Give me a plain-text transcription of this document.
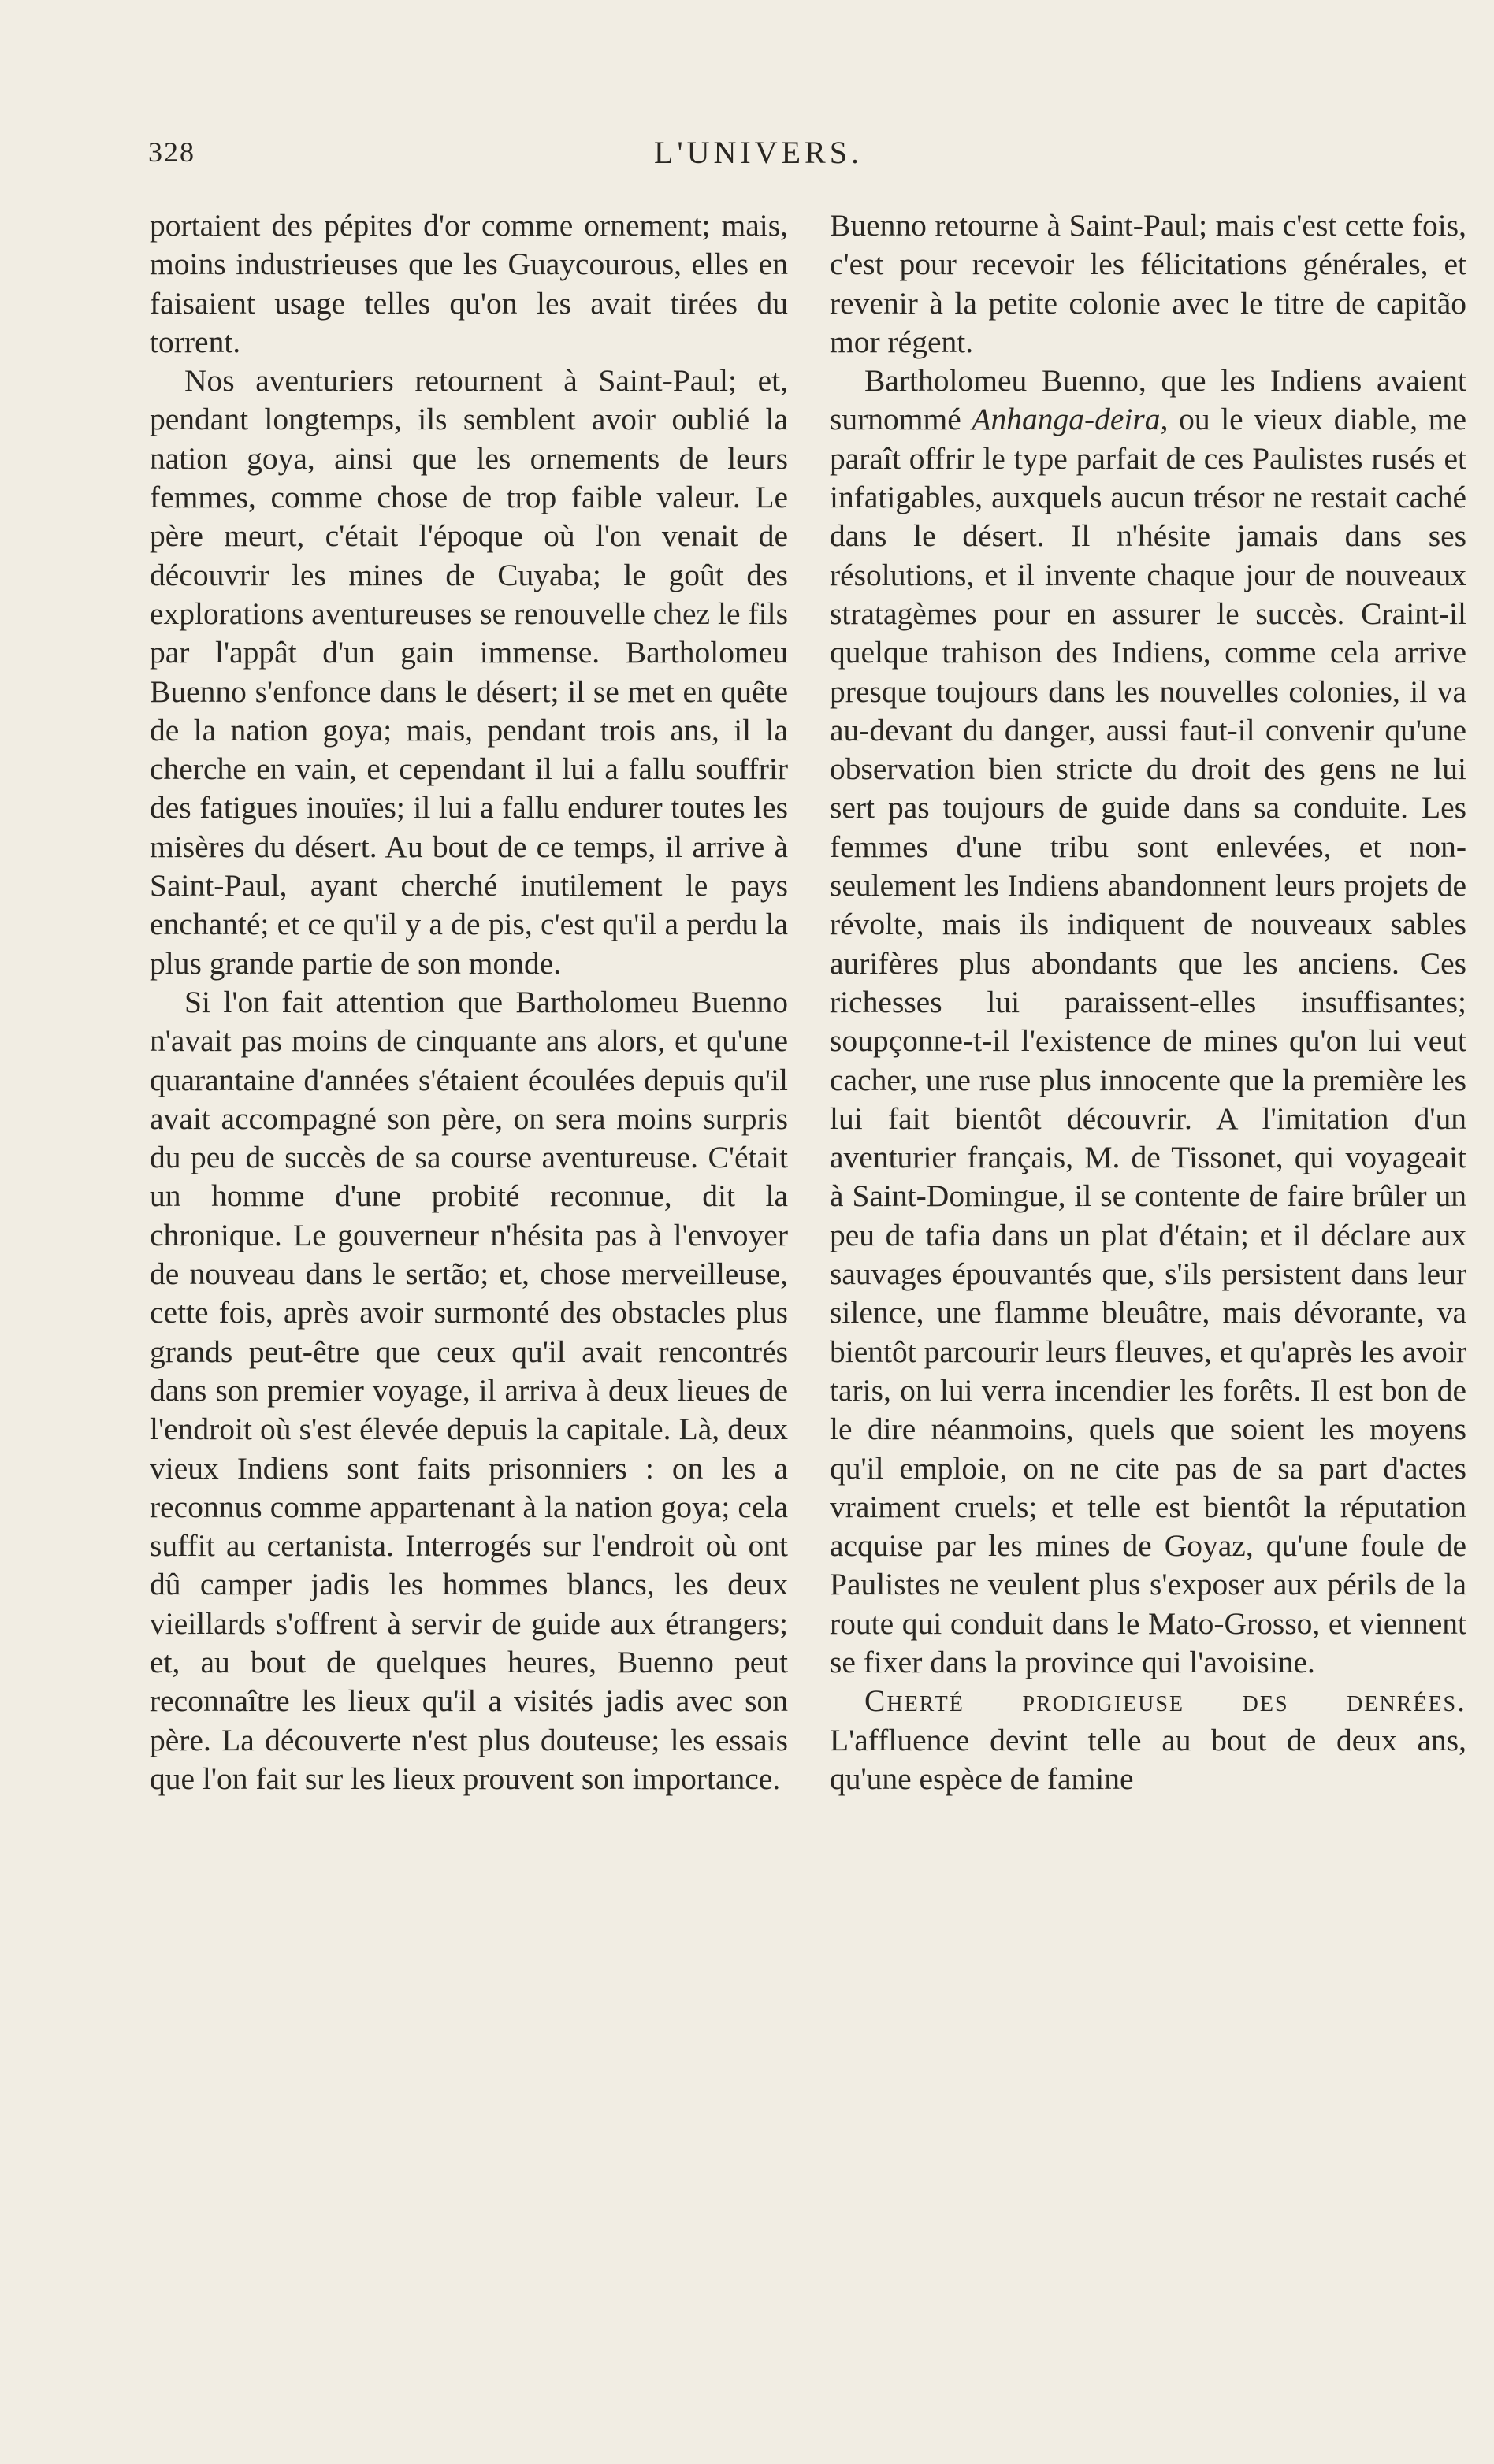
328	L'UNIVERS.

portaient des pépites d'or comme ornement; mais, moins industrieuses que les Guaycourous, elles en faisaient usage telles qu'on les avait tirées du torrent.

Nos aventuriers retournent à Saint-Paul; et, pendant longtemps, ils semblent avoir oublié la nation goya, ainsi que les ornements de leurs femmes, comme chose de trop faible valeur. Le père meurt, c'était l'époque où l'on venait de découvrir les mines de Cuyaba; le goût des explorations aventureuses se renouvelle chez le fils par l'appât d'un gain immense. Bartholomeu Buenno s'enfonce dans le désert; il se met en quête de la nation goya; mais, pendant trois ans, il la cherche en vain, et cependant il lui a fallu souffrir des fatigues inouïes; il lui a fallu endurer toutes les misères du désert. Au bout de ce temps, il arrive à Saint-Paul, ayant cherché inutilement le pays enchanté; et ce qu'il y a de pis, c'est qu'il a perdu la plus grande partie de son monde.

Si l'on fait attention que Bartholomeu Buenno n'avait pas moins de cinquante ans alors, et qu'une quarantaine d'années s'étaient écoulées depuis qu'il avait accompagné son père, on sera moins surpris du peu de succès de sa course aventureuse. C'était un homme d'une probité reconnue, dit la chronique. Le gouverneur n'hésita pas à l'envoyer de nouveau dans le sertão; et, chose merveilleuse, cette fois, après avoir surmonté des obstacles plus grands peut-être que ceux qu'il avait rencontrés dans son premier voyage, il arriva à deux lieues de l'endroit où s'est élevée depuis la capitale. Là, deux vieux Indiens sont faits prisonniers : on les a reconnus comme appartenant à la nation goya; cela suffit au certanista. Interrogés sur l'endroit où ont dû camper jadis les hommes blancs, les deux vieillards s'offrent à servir de guide aux étrangers; et, au bout de quelques heures, Buenno peut reconnaître les lieux qu'il a visités jadis avec son père. La découverte n'est plus douteuse; les essais que l'on fait sur les lieux prouvent son importance.

Buenno retourne à Saint-Paul; mais c'est cette fois, c'est pour recevoir les félicitations générales, et revenir à la petite colonie avec le titre de capitão mor régent.

Bartholomeu Buenno, que les Indiens avaient surnommé Anhanga-deira, ou le vieux diable, me paraît offrir le type parfait de ces Paulistes rusés et infatigables, auxquels aucun trésor ne restait caché dans le désert. Il n'hésite jamais dans ses résolutions, et il invente chaque jour de nouveaux stratagèmes pour en assurer le succès. Craint-il quelque trahison des Indiens, comme cela arrive presque toujours dans les nouvelles colonies, il va au-devant du danger, aussi faut-il convenir qu'une observation bien stricte du droit des gens ne lui sert pas toujours de guide dans sa conduite. Les femmes d'une tribu sont enlevées, et non-seulement les Indiens abandonnent leurs projets de révolte, mais ils indiquent de nouveaux sables aurifères plus abondants que les anciens. Ces richesses lui paraissent-elles insuffisantes; soupçonne-t-il l'existence de mines qu'on lui veut cacher, une ruse plus innocente que la première les lui fait bientôt découvrir. A l'imitation d'un aventurier français, M. de Tissonet, qui voyageait à Saint-Domingue, il se contente de faire brûler un peu de tafia dans un plat d'étain; et il déclare aux sauvages épouvantés que, s'ils persistent dans leur silence, une flamme bleuâtre, mais dévorante, va bientôt parcourir leurs fleuves, et qu'après les avoir taris, on lui verra incendier les forêts. Il est bon de le dire néanmoins, quels que soient les moyens qu'il emploie, on ne cite pas de sa part d'actes vraiment cruels; et telle est bientôt la réputation acquise par les mines de Goyaz, qu'une foule de Paulistes ne veulent plus s'exposer aux périls de la route qui conduit dans le Mato-Grosso, et viennent se fixer dans la province qui l'avoisine.

Cherté prodigieuse des denrées. L'affluence devint telle au bout de deux ans, qu'une espèce de famine
